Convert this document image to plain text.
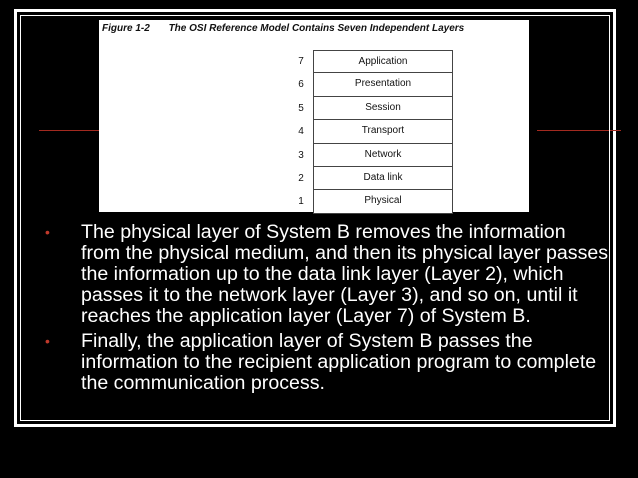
Figure 1-2 The OSI Reference Model Contains Seven Independent Layers
7	Application
6	Presentation
5	Session
4	Transport
3	Network
2	Data link
1	Physical
• The physical layer of System B removes the information from the physical medium, and then its physical layer passes the information up to the data link layer (Layer 2), which passes it to the network layer (Layer 3), and so on, until it reaches the application layer (Layer 7) of System B.
• Finally, the application layer of System B passes the information to the recipient application program to complete the communication process.
